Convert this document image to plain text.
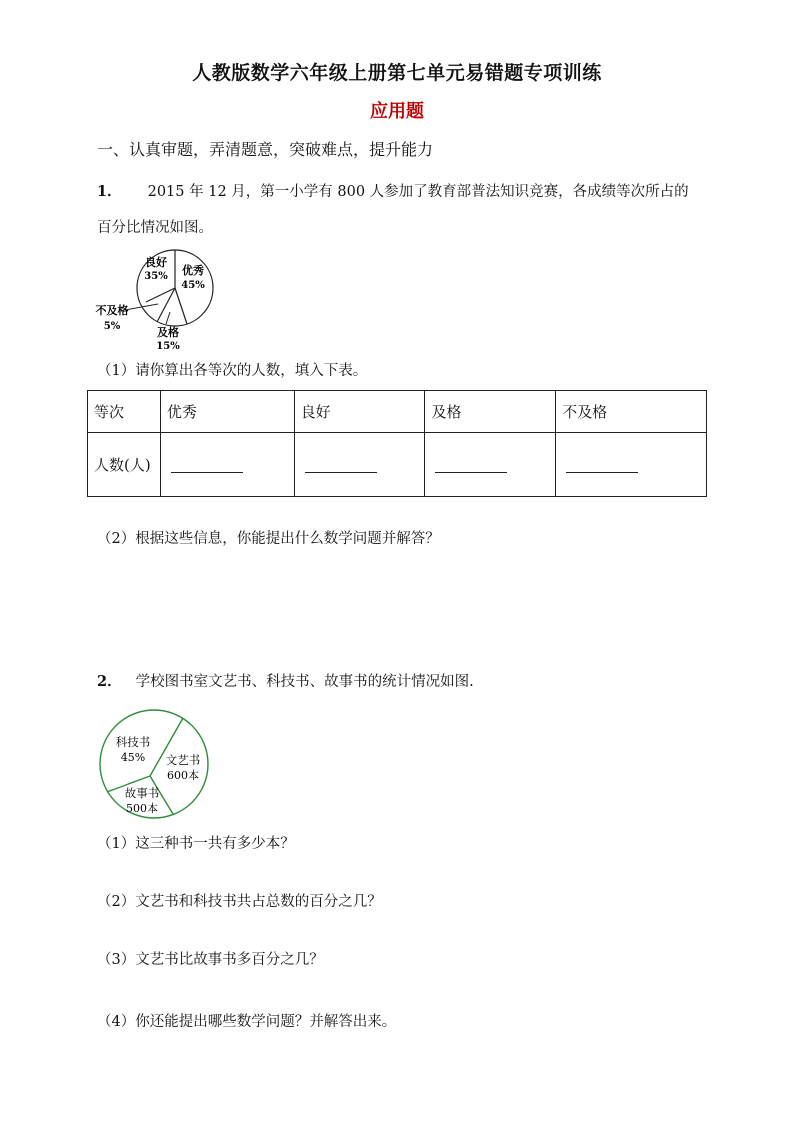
人教版数学六年级上册第七单元易错题专项训练
应用题
一、认真审题，弄清题意，突破难点，提升能力
1． 2015 年 12 月，第一小学有 800 人参加了教育部普法知识竞赛，各成绩等次所占的
百分比情况如图。
良好
35% 优秀
45%
不及格
5%	及格
15%
（1）请你算出各等次的人数，填入下表。
等次	优秀	良好	及格	不及格
人数(人)				
（2）根据这些信息，你能提出什么数学问题并解答？
2． 学校图书室文艺书、科技书、故事书的统计情况如图.
科技书
45% 文艺书
600本
故事书
500本
（1）这三种书一共有多少本？
（2）文艺书和科技书共占总数的百分之几？
（3）文艺书比故事书多百分之几？
（4）你还能提出哪些数学问题？并解答出来。
